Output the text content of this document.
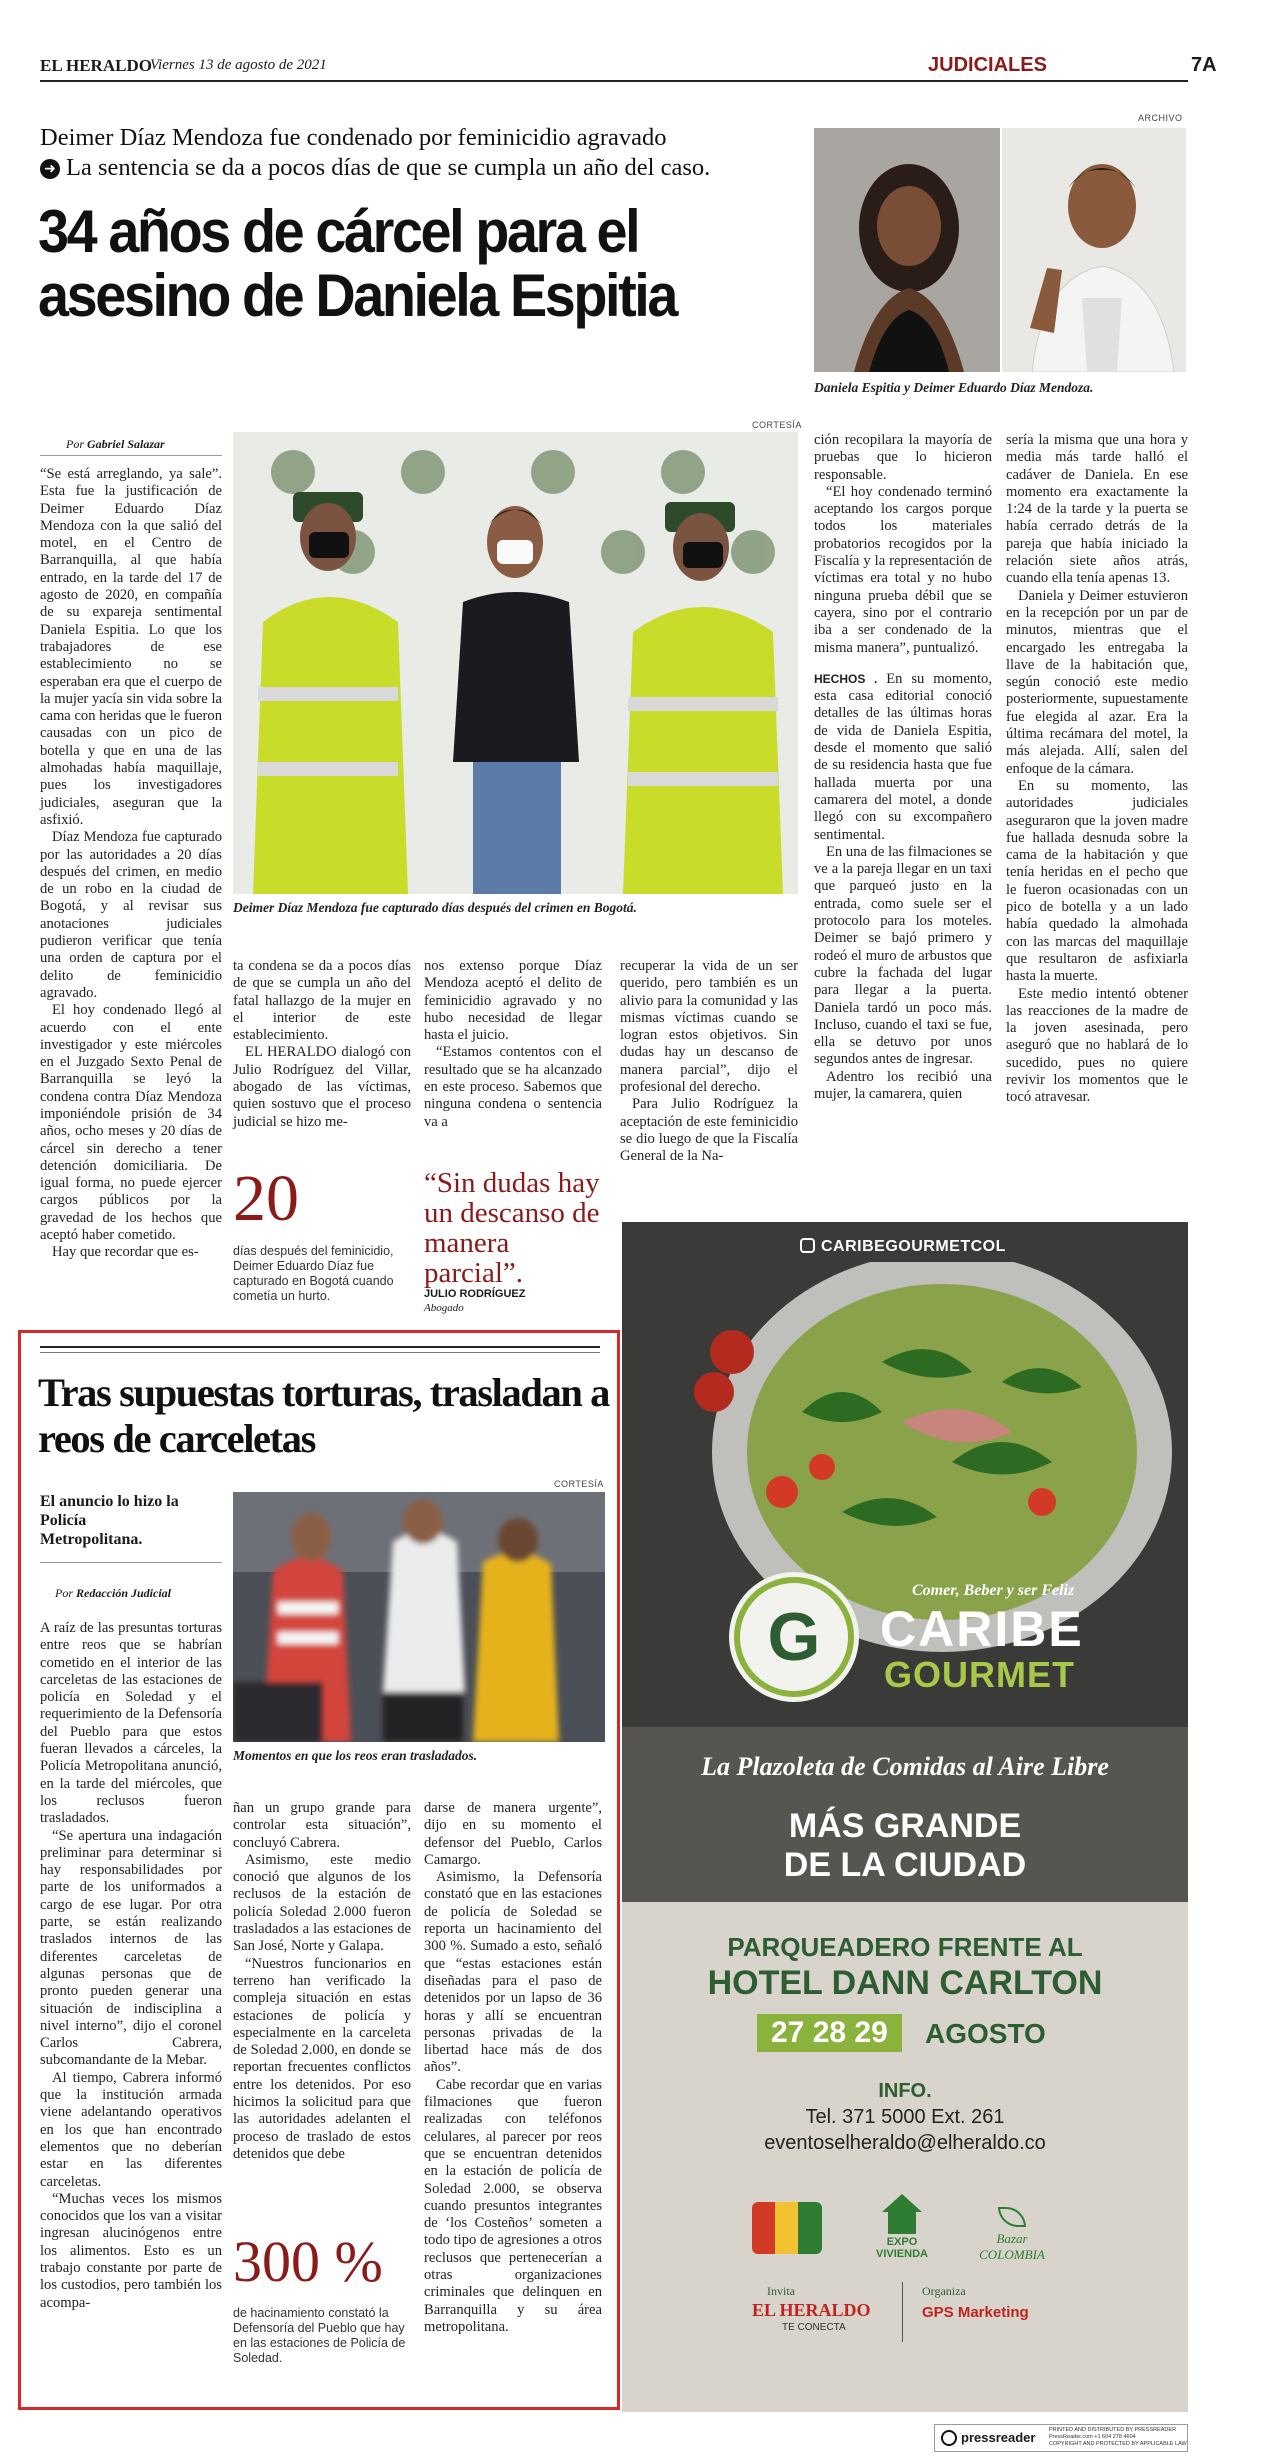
EL HERALDO
Viernes 13 de agosto de 2021	JUDICIALES	7A
Deimer Díaz Mendoza fue condenado por feminicidio agravado
➜ La sentencia se da a pocos días de que se cumpla un año del caso.
34 años de cárcel para el asesino de Daniela Espitia
ARCHIVO
Daniela Espitia y Deimer Eduardo Díaz Mendoza.
Por Gabriel Salazar
CORTESÍA
Deimer Díaz Mendoza fue capturado días después del crimen en Bogotá.

“Se está arreglando, ya sale”. Esta fue la justificación de Deimer Eduardo Díaz Mendoza con la que salió del motel, en el Centro de Barranquilla, al que había entrado, en la tarde del 17 de agosto de 2020, en compañía de su expareja sentimental Daniela Espitia. Lo que los trabajadores de ese establecimiento no se esperaban era que el cuerpo de la mujer yacía sin vida sobre la cama con heridas que le fueron causadas con un pico de botella y que en una de las almohadas había maquillaje, pues los investigadores judiciales, aseguran que la asfixió.

Díaz Mendoza fue capturado por las autoridades a 20 días después del crimen, en medio de un robo en la ciudad de Bogotá, y al revisar sus anotaciones judiciales pudieron verificar que tenía una orden de captura por el delito de feminicidio agravado.

El hoy condenado llegó al acuerdo con el ente investigador y este miércoles en el Juzgado Sexto Penal de Barranquilla se leyó la condena contra Díaz Mendoza imponiéndole prisión de 34 años, ocho meses y 20 días de cárcel sin derecho a tener detención domiciliaria. De igual forma, no puede ejercer cargos públicos por la gravedad de los hechos que aceptó haber cometido.

Hay que recordar que es-

ta condena se da a pocos días de que se cumpla un año del fatal hallazgo de la mujer en el interior de este establecimiento.

EL HERALDO dialogó con Julio Rodríguez del Villar, abogado de las víctimas, quien sostuvo que el proceso judicial se hizo me-

nos extenso porque Díaz Mendoza aceptó el delito de feminicidio agravado y no hubo necesidad de llegar hasta el juicio.

“Estamos contentos con el resultado que se ha alcanzado en este proceso. Sabemos que ninguna condena o sentencia va a

recuperar la vida de un ser querido, pero también es un alivio para la comunidad y las mismas víctimas cuando se logran estos objetivos. Sin dudas hay un descanso de manera parcial”, dijo el profesional del derecho.

Para Julio Rodríguez la aceptación de este feminicidio se dio luego de que la Fiscalía General de la Na-

20
días después del feminicidio, Deimer Eduardo Díaz fue capturado en Bogotá cuando cometía un hurto.
“Sin dudas hay un descanso de manera parcial”.
JULIO RODRÍGUEZ
Abogado

ción recopilara la mayoría de pruebas que lo hicieron responsable.

“El hoy condenado terminó aceptando los cargos porque todos los materiales probatorios recogidos por la Fiscalía y la representación de víctimas era total y no hubo ninguna prueba débil que se cayera, sino por el contrario iba a ser condenado de la misma manera”, puntualizó.

HECHOS . En su momento, esta casa editorial conoció detalles de las últimas horas de vida de Daniela Espitia, desde el momento que salió de su residencia hasta que fue hallada muerta por una camarera del motel, a donde llegó con su excompañero sentimental.

En una de las filmaciones se ve a la pareja llegar en un taxi que parqueó justo en la entrada, como suele ser el protocolo para los moteles. Deimer se bajó primero y rodeó el muro de arbustos que cubre la fachada del lugar para llegar a la puerta. Daniela tardó un poco más. Incluso, cuando el taxi se fue, ella se detuvo por unos segundos antes de ingresar.

Adentro los recibió una mujer, la camarera, quien

sería la misma que una hora y media más tarde halló el cadáver de Daniela. En ese momento era exactamente la 1:24 de la tarde y la puerta se había cerrado detrás de la pareja que había iniciado la relación siete años atrás, cuando ella tenía apenas 13.

Daniela y Deimer estuvieron en la recepción por un par de minutos, mientras que el encargado les entregaba la llave de la habitación que, según conoció este medio posteriormente, supuestamente fue elegida al azar. Era la última recámara del motel, la más alejada. Allí, salen del enfoque de la cámara.

En su momento, las autoridades judiciales aseguraron que la joven madre fue hallada desnuda sobre la cama de la habitación y que tenía heridas en el pecho que le fueron ocasionadas con un pico de botella y a un lado había quedado la almohada con las marcas del maquillaje que resultaron de asfixiarla hasta la muerte.

Este medio intentó obtener las reacciones de la madre de la joven asesinada, pero aseguró que no hablará de lo sucedido, pues no quiere revivir los momentos que le tocó atravesar.

Tras supuestas torturas, trasladan a reos de carceletas
El anuncio lo hizo la Policía Metropolitana.
Por Redacción Judicial
CORTESÍA
Momentos en que los reos eran trasladados.

A raíz de las presuntas torturas entre reos que se habrían cometido en el interior de las carceletas de las estaciones de policía en Soledad y el requerimiento de la Defensoría del Pueblo para que estos fueran llevados a cárceles, la Policía Metropolitana anunció, en la tarde del miércoles, que los reclusos fueron trasladados.

“Se apertura una indagación preliminar para determinar si hay responsabilidades por parte de los uniformados a cargo de ese lugar. Por otra parte, se están realizando traslados internos de las diferentes carceletas de algunas personas que de pronto pueden generar una situación de indisciplina a nivel interno”, dijo el coronel Carlos Cabrera, subcomandante de la Mebar.

Al tiempo, Cabrera informó que la institución armada viene adelantando operativos en los que han encontrado elementos que no deberían estar en las diferentes carceletas.

“Muchas veces los mismos conocidos que los van a visitar ingresan alucinógenos entre los alimentos. Esto es un trabajo constante por parte de los custodios, pero también los acompa-

ñan un grupo grande para controlar esta situación”, concluyó Cabrera.

Asimismo, este medio conoció que algunos de los reclusos de la estación de policía Soledad 2.000 fueron trasladados a las estaciones de San José, Norte y Galapa.

“Nuestros funcionarios en terreno han verificado la compleja situación en estas estaciones de policía y especialmente en la carceleta de Soledad 2.000, en donde se reportan frecuentes conflictos entre los detenidos. Por eso hicimos la solicitud para que las autoridades adelanten el proceso de traslado de estos detenidos que debe

darse de manera urgente”, dijo en su momento el defensor del Pueblo, Carlos Camargo.

Asimismo, la Defensoría constató que en las estaciones de policía de Soledad se reporta un hacinamiento del 300 %. Sumado a esto, señaló que “estas estaciones están diseñadas para el paso de detenidos por un lapso de 36 horas y allí se encuentran personas privadas de la libertad hace más de dos años”.

Cabe recordar que en varias filmaciones que fueron realizadas con teléfonos celulares, al parecer por reos que se encuentran detenidos en la estación de policía de Soledad 2.000, se observa cuando presuntos integrantes de ‘los Costeños’ someten a todo tipo de agresiones a otros reclusos que pertenecerían a otras organizaciones criminales que delinquen en Barranquilla y su área metropolitana.

300 %
de hacinamiento constató la Defensoría del Pueblo que hay en las estaciones de Policía de Soledad.
CARIBEGOURMETCOL
G
Comer, Beber y ser Feliz
CARIBE
GOURMET
La Plazoleta de Comidas al Aire Libre
MÁS GRANDE
DE LA CIUDAD
PARQUEADERO FRENTE AL
HOTEL DANN CARLTON
27 28 29	AGOSTO
INFO.
Tel. 371 5000 Ext. 261
eventoselheraldo@elheraldo.co
EXPO VIVIENDA
Bazar COLOMBIA
Invita
EL HERALDO
TE CONECTA
Organiza
GPS Marketing
pressreader PRINTED AND DISTRIBUTED BY PRESSREADER
PressReader.com +1 604 278 4604
COPYRIGHT AND PROTECTED BY APPLICABLE LAW
